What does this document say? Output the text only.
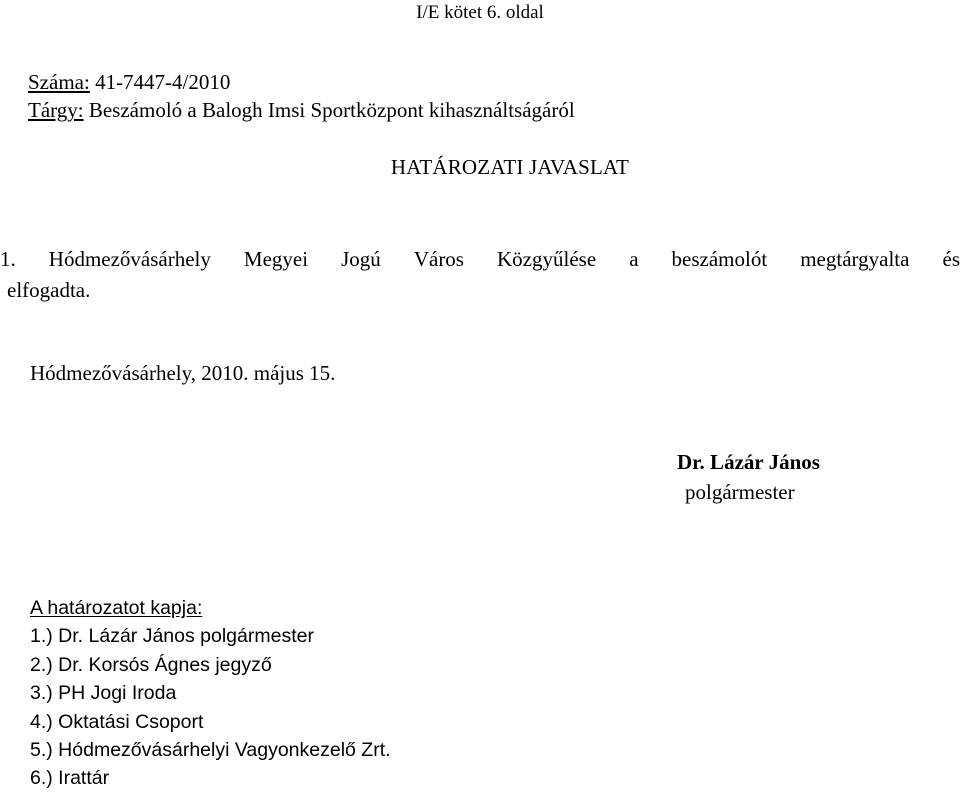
I/E kötet 6. oldal
Száma: 41-7447-4/2010
Tárgy: Beszámoló a Balogh Imsi Sportközpont kihasználtságáról
HATÁROZATI JAVASLAT
1. Hódmezővásárhely Megyei Jogú Város Közgyűlése a beszámolót megtárgyalta és
elfogadta.
Hódmezővásárhely, 2010. május 15.
Dr. Lázár János
polgármester
A határozatot kapja:
1.) Dr. Lázár János polgármester
2.) Dr. Korsós Ágnes jegyző
3.) PH Jogi Iroda
4.) Oktatási Csoport
5.) Hódmezővásárhelyi Vagyonkezelő Zrt.
6.) Irattár
